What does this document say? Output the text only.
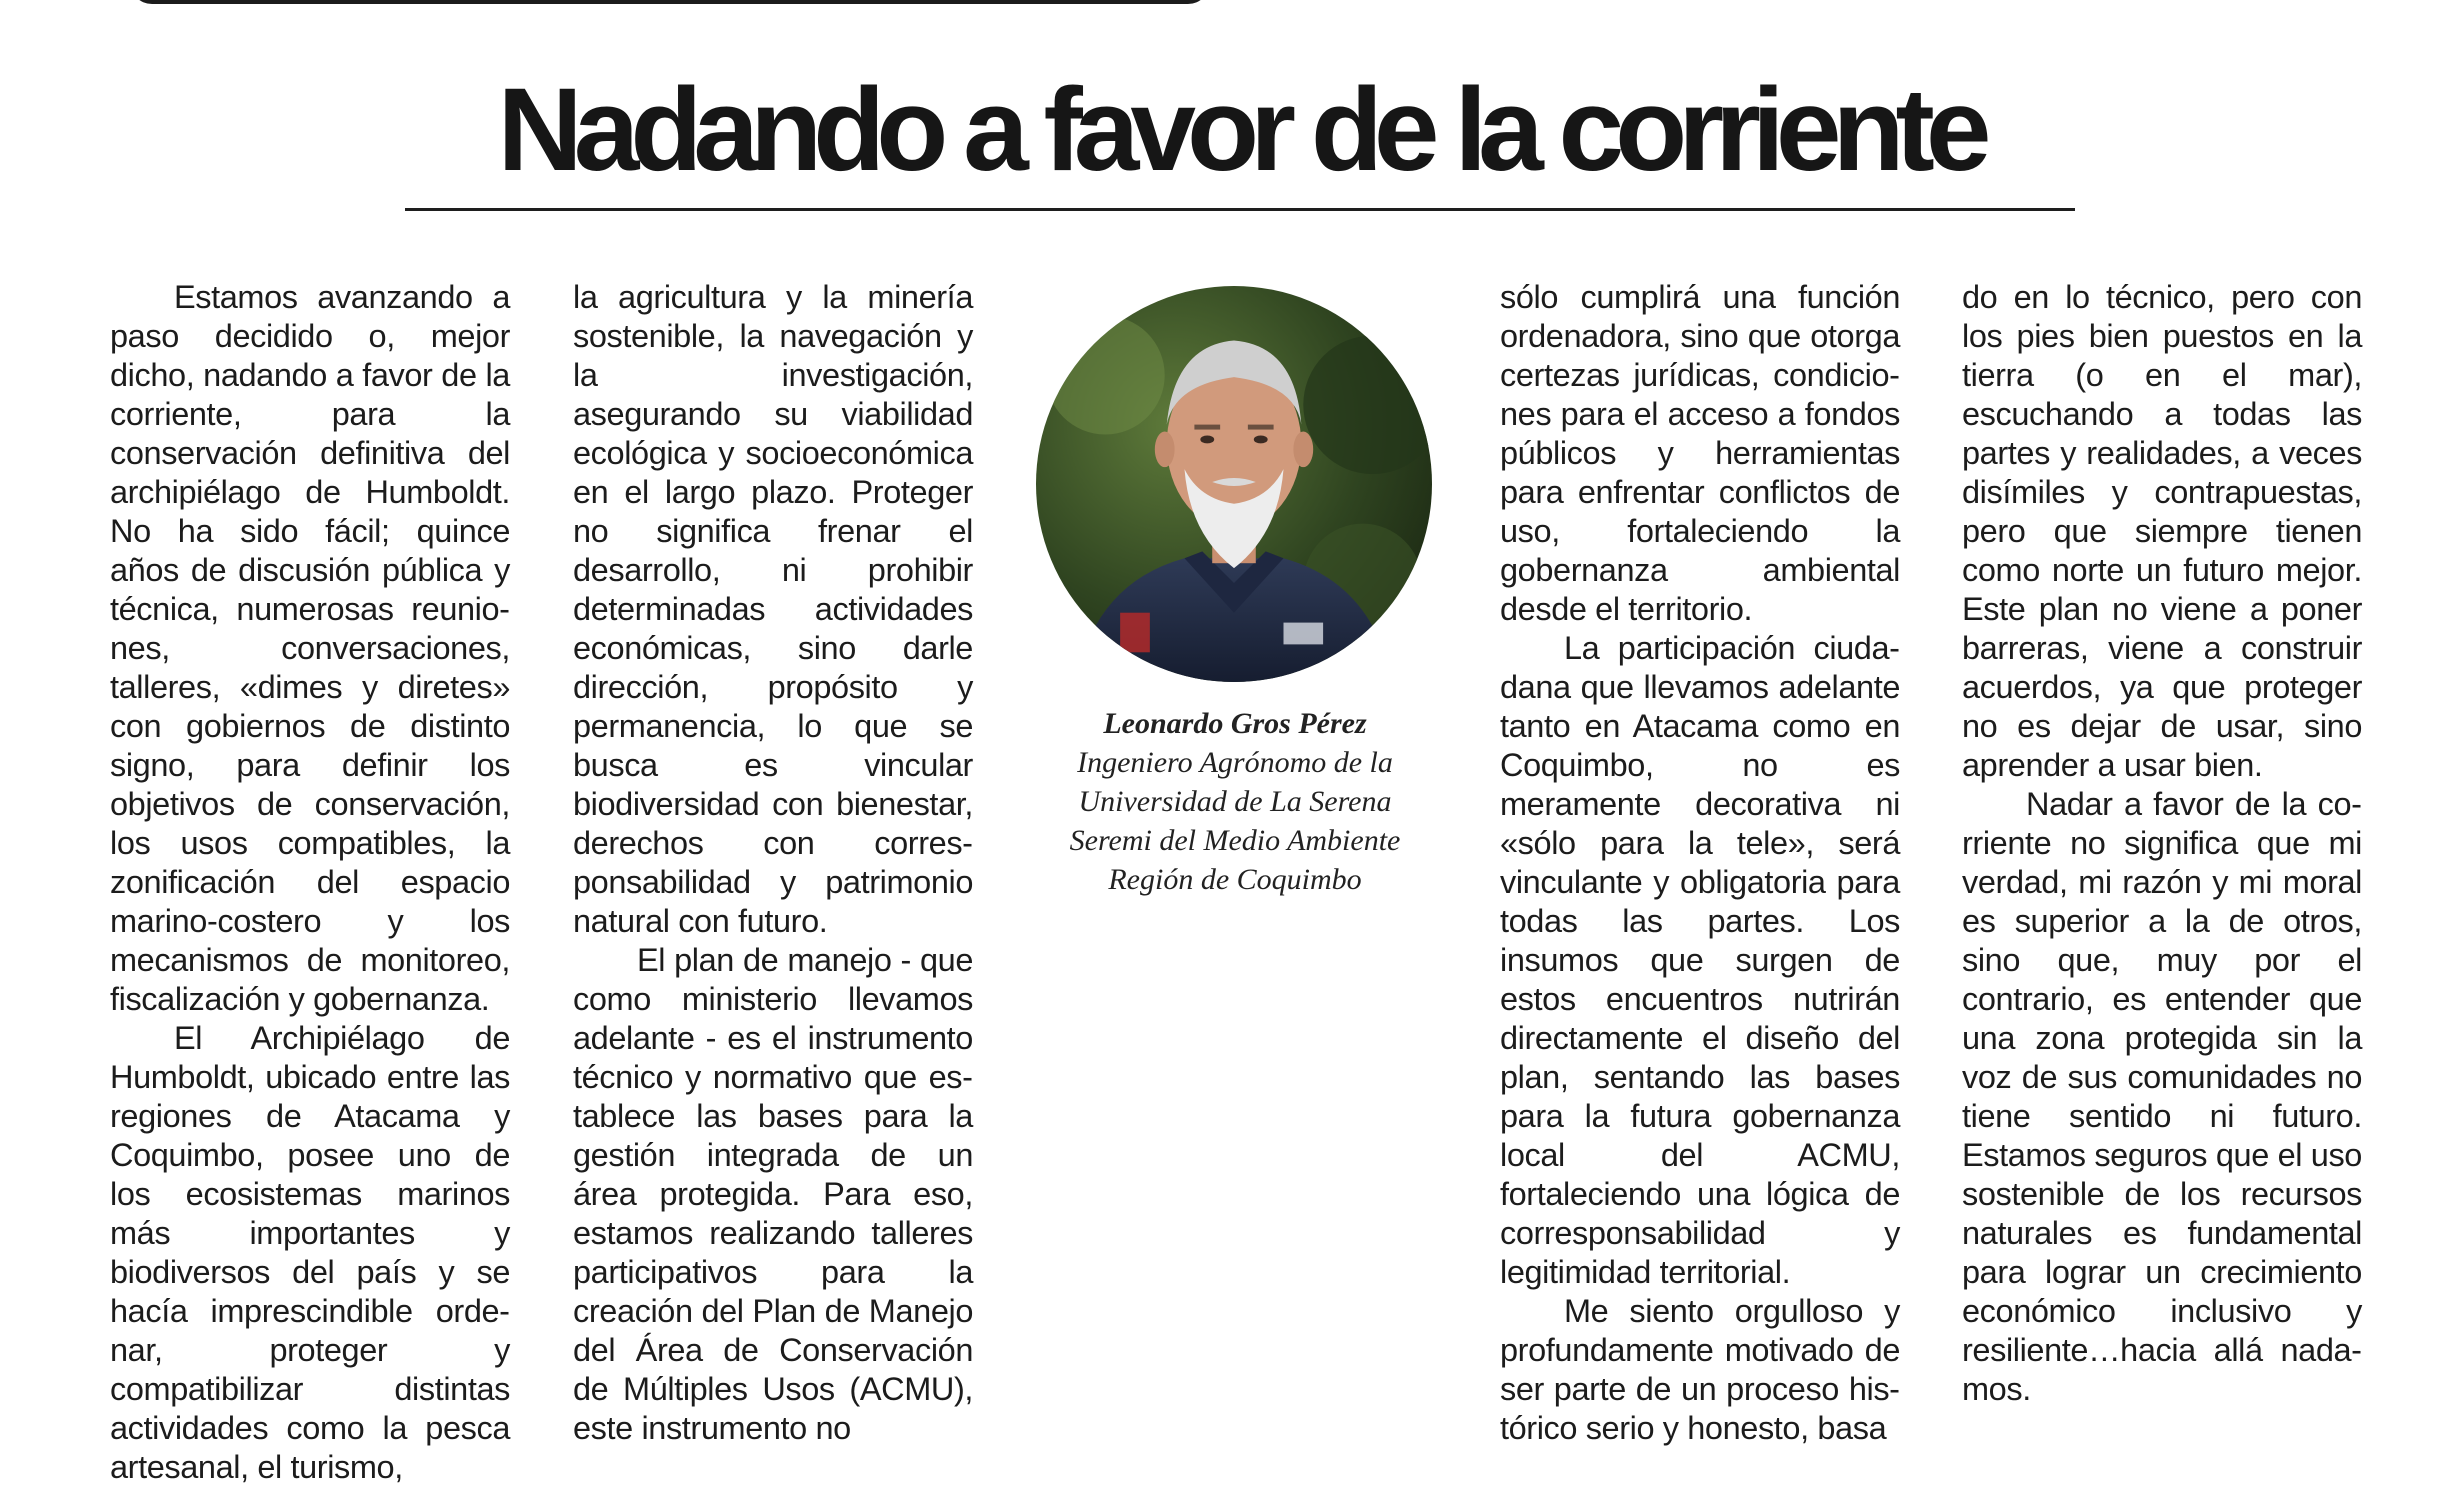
Nadando a favor de la corriente

Estamos avanzando a paso decidido o, mejor dicho, nadando a favor de la corriente, para la conservación definitiva del archipiélago de Humboldt. No ha sido fácil; quince años de discusión pública y técnica, numerosas reuniones, conversaciones, talleres, «dimes y diretes» con gobiernos de distinto signo, para definir los objetivos de conservación, los usos compatibles, la zonificación del espacio marino-costero y los mecanismos de monitoreo, fiscalización y gobernanza.

El Archipiélago de Humboldt, ubicado entre las regiones de Atacama y Coquimbo, posee uno de los ecosistemas marinos más importantes y biodiversos del país y se hacía imprescindible ordenar, proteger y compatibilizar distintas actividades como la pesca artesanal, el turismo,

la agricultura y la minería sostenible, la navegación y la investigación, asegurando su viabilidad ecológica y socioeconómica en el largo plazo. Proteger no significa frenar el desarrollo, ni prohibir determinadas actividades económicas, sino darle dirección, propósito y permanencia, lo que se busca es vincular biodiversidad con bienestar, derechos con corresponsabilidad y patrimonio natural con futuro.

El plan de manejo - que como ministerio llevamos adelante - es el instrumento técnico y normativo que establece las bases para la gestión integrada de un área protegida. Para eso, estamos realizando talleres participativos para la creación del Plan de Manejo del Área de Conservación de Múltiples Usos (ACMU), este instrumento no

Leonardo Gros Pérez
Ingeniero Agrónomo de la
Universidad de La Serena
Seremi del Medio Ambiente
Región de Coquimbo

sólo cumplirá una función ordenadora, sino que otorga certezas jurídicas, condiciones para el acceso a fondos públicos y herramientas para enfrentar conflictos de uso, fortaleciendo la gobernanza ambiental desde el territorio.

La participación ciudadana que llevamos adelante tanto en Atacama como en Coquimbo, no es meramente decorativa ni «sólo para la tele», será vinculante y obligatoria para todas las partes. Los insumos que surgen de estos encuentros nutrirán directamente el diseño del plan, sentando las bases para la futura gobernanza local del ACMU, fortaleciendo una lógica de corresponsabilidad y legitimidad territorial.

Me siento orgulloso y profundamente motivado de ser parte de un proceso histórico serio y honesto, basa

do en lo técnico, pero con los pies bien puestos en la tierra (o en el mar), escuchando a todas las partes y realidades, a veces disímiles y contrapuestas, pero que siempre tienen como norte un futuro mejor. Este plan no viene a poner barreras, viene a construir acuerdos, ya que proteger no es dejar de usar, sino aprender a usar bien.

Nadar a favor de la corriente no significa que mi verdad, mi razón y mi moral es superior a la de otros, sino que, muy por el contrario, es entender que una zona protegida sin la voz de sus comunidades no tiene sentido ni futuro. Estamos seguros que el uso sostenible de los recursos naturales es fundamental para lograr un crecimiento económico inclusivo y resiliente…hacia allá nadamos.
